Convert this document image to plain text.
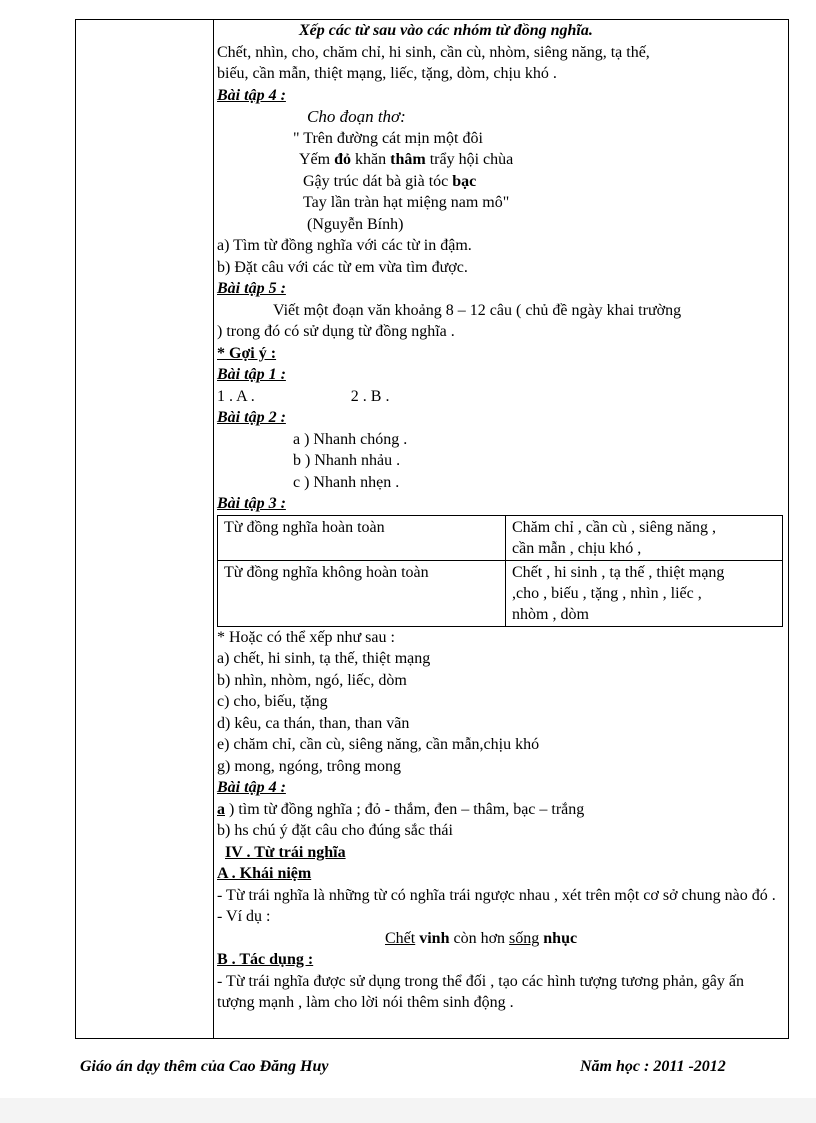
Xếp các từ sau vào các nhóm từ đồng nghĩa.
Chết, nhìn, cho, chăm chỉ, hi sinh, cần cù, nhòm, siêng năng, tạ thế,
biếu, cần mẫn, thiệt mạng, liếc, tặng, dòm, chịu khó .
Bài tập 4 :
Cho đoạn thơ:
" Trên đường cát mịn một đôi
Yếm đỏ khăn thâm trẩy hội chùa
Gậy trúc dát bà già tóc bạc
Tay lần tràn hạt miệng nam mô"
(Nguyễn Bính)
a) Tìm từ đồng nghĩa với các từ in đậm.
b) Đặt câu với các từ em vừa tìm được.
Bài tập 5 :
Viết một đoạn văn khoảng 8 – 12 câu ( chủ đề ngày khai trường
) trong đó có sử dụng từ đồng nghĩa .
* Gợi ý :
Bài tập 1 :
1 . A .	2 . B .
Bài tập 2 :
a ) Nhanh chóng .
b ) Nhanh nhảu .
c ) Nhanh nhẹn .
Bài tập 3 :
Từ đồng nghĩa hoàn toàn	Chăm chỉ , cần cù , siêng năng ,
cần mẫn , chịu khó ,
Từ đồng nghĩa không hoàn toàn	Chết , hi sinh , tạ thế , thiệt mạng
,cho , biếu , tặng , nhìn , liếc ,
nhòm , dòm
* Hoặc có thể xếp như sau :
a) chết, hi sinh, tạ thế, thiệt mạng
b) nhìn, nhòm, ngó, liếc, dòm
c) cho, biếu, tặng
d) kêu, ca thán, than, than vãn
e) chăm chỉ, cần cù, siêng năng, cần mẫn,chịu khó
g) mong, ngóng, trông mong
Bài tập 4 :
a ) tìm từ đồng nghĩa ; đỏ - thắm, đen – thâm, bạc – trắng
b) hs chú ý đặt câu cho đúng sắc thái
IV . Từ trái nghĩa
A . Khái niệm
- Từ trái nghĩa là những từ có nghĩa trái ngược nhau , xét trên một cơ sở chung nào đó .
- Ví dụ :
Chết vinh còn hơn sống nhục
B . Tác dụng :
- Từ trái nghĩa được sử dụng trong thể đối , tạo các hình tượng tương phản, gây ấn tượng mạnh , làm cho lời nói thêm sinh động .
Giáo án dạy thêm của Cao Đăng Huy	Năm học : 2011 -2012
